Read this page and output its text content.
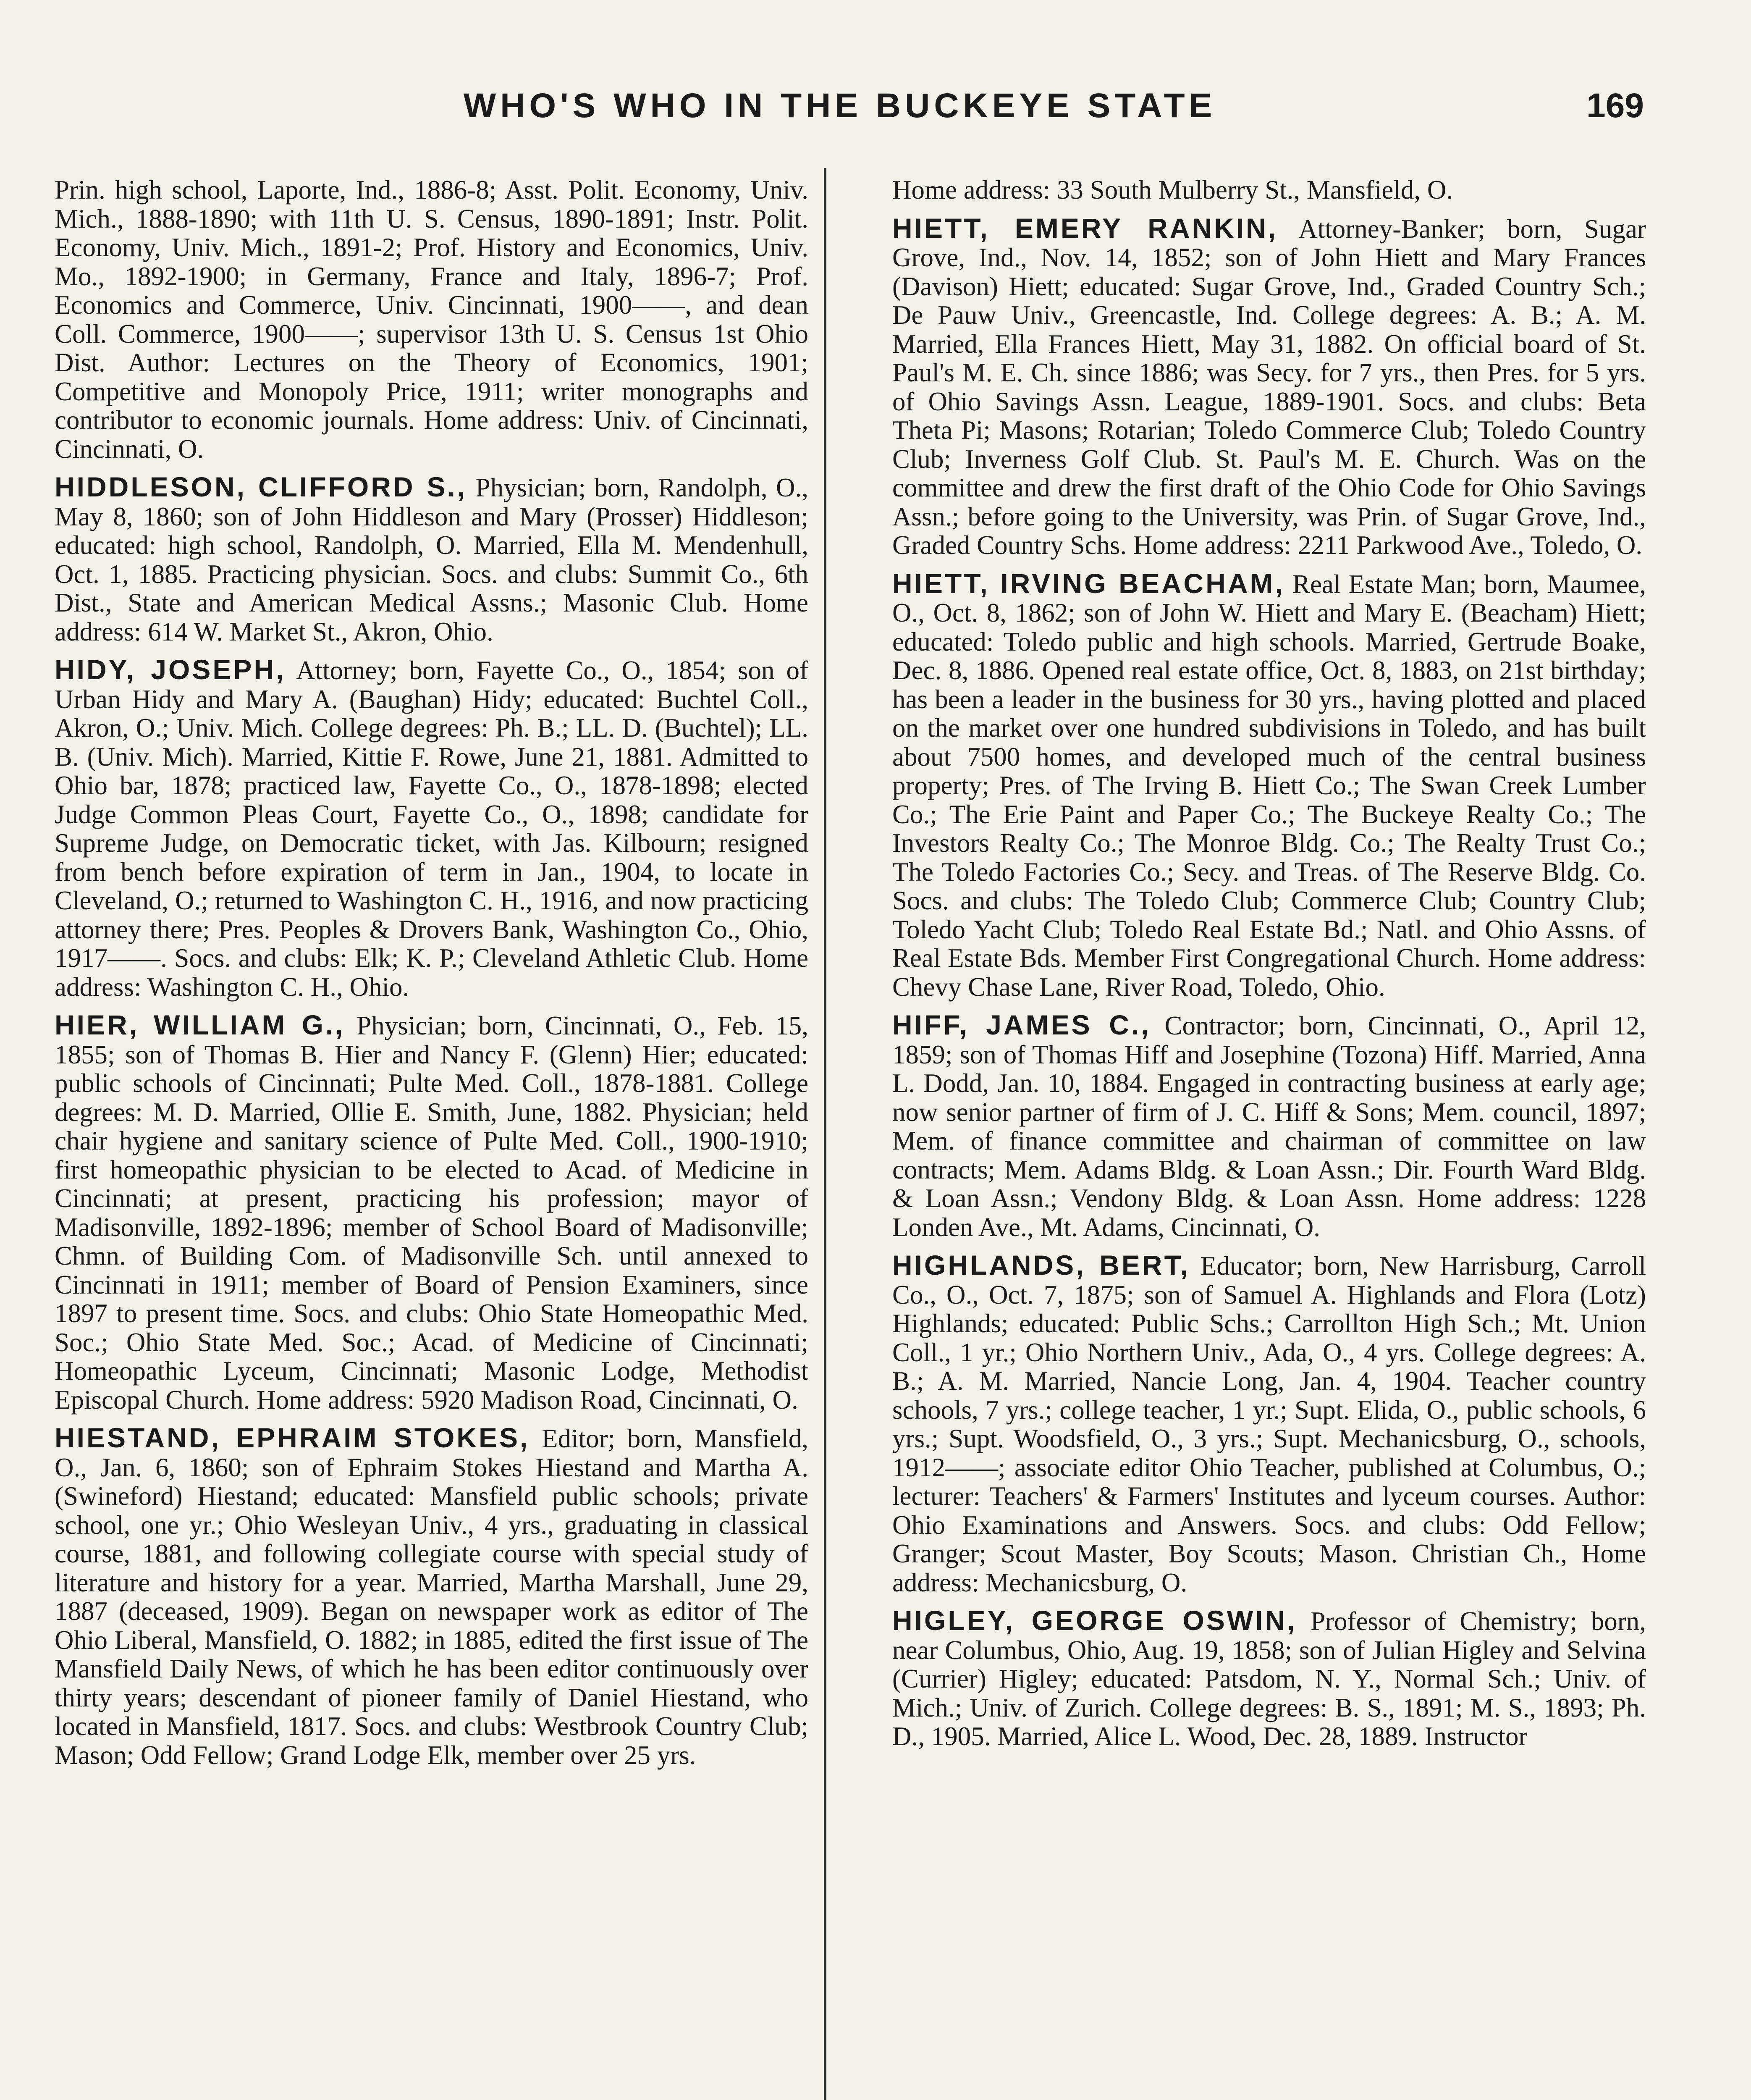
WHO'S WHO IN THE BUCKEYE STATE	169

Prin. high school, Laporte, Ind., 1886-8; Asst. Polit. Economy, Univ. Mich., 1888-1890; with 11th U. S. Census, 1890-1891; Instr. Polit. Economy, Univ. Mich., 1891-2; Prof. History and Economics, Univ. Mo., 1892-1900; in Germany, France and Italy, 1896-7; Prof. Economics and Commerce, Univ. Cincinnati, 1900——, and dean Coll. Commerce, 1900——; supervisor 13th U. S. Census 1st Ohio Dist. Author: Lectures on the Theory of Economics, 1901; Competitive and Monopoly Price, 1911; writer monographs and contributor to economic journals. Home address: Univ. of Cincinnati, Cincinnati, O.

HIDDLESON, CLIFFORD S., Physician; born, Randolph, O., May 8, 1860; son of John Hiddleson and Mary (Prosser) Hiddleson; educated: high school, Randolph, O. Married, Ella M. Mendenhull, Oct. 1, 1885. Practicing physician. Socs. and clubs: Summit Co., 6th Dist., State and American Medical Assns.; Masonic Club. Home address: 614 W. Market St., Akron, Ohio.

HIDY, JOSEPH, Attorney; born, Fayette Co., O., 1854; son of Urban Hidy and Mary A. (Baughan) Hidy; educated: Buchtel Coll., Akron, O.; Univ. Mich. College degrees: Ph. B.; LL. D. (Buchtel); LL. B. (Univ. Mich). Married, Kittie F. Rowe, June 21, 1881. Admitted to Ohio bar, 1878; practiced law, Fayette Co., O., 1878-1898; elected Judge Common Pleas Court, Fayette Co., O., 1898; candidate for Supreme Judge, on Democratic ticket, with Jas. Kilbourn; resigned from bench before expiration of term in Jan., 1904, to locate in Cleveland, O.; returned to Washington C. H., 1916, and now practicing attorney there; Pres. Peoples & Drovers Bank, Washington Co., Ohio, 1917——. Socs. and clubs: Elk; K. P.; Cleveland Athletic Club. Home address: Washington C. H., Ohio.

HIER, WILLIAM G., Physician; born, Cincinnati, O., Feb. 15, 1855; son of Thomas B. Hier and Nancy F. (Glenn) Hier; educated: public schools of Cincinnati; Pulte Med. Coll., 1878-1881. College degrees: M. D. Married, Ollie E. Smith, June, 1882. Physician; held chair hygiene and sanitary science of Pulte Med. Coll., 1900-1910; first homeopathic physician to be elected to Acad. of Medicine in Cincinnati; at present, practicing his profession; mayor of Madisonville, 1892-1896; member of School Board of Madisonville; Chmn. of Building Com. of Madisonville Sch. until annexed to Cincinnati in 1911; member of Board of Pension Examiners, since 1897 to present time. Socs. and clubs: Ohio State Homeopathic Med. Soc.; Ohio State Med. Soc.; Acad. of Medicine of Cincinnati; Homeopathic Lyceum, Cincinnati; Masonic Lodge, Methodist Episcopal Church. Home address: 5920 Madison Road, Cincinnati, O.

HIESTAND, EPHRAIM STOKES, Editor; born, Mansfield, O., Jan. 6, 1860; son of Ephraim Stokes Hiestand and Martha A. (Swineford) Hiestand; educated: Mansfield public schools; private school, one yr.; Ohio Wesleyan Univ., 4 yrs., graduating in classical course, 1881, and following collegiate course with special study of literature and history for a year. Married, Martha Marshall, June 29, 1887 (deceased, 1909). Began on newspaper work as editor of The Ohio Liberal, Mansfield, O. 1882; in 1885, edited the first issue of The Mansfield Daily News, of which he has been editor continuously over thirty years; descendant of pioneer family of Daniel Hiestand, who located in Mansfield, 1817. Socs. and clubs: Westbrook Country Club; Mason; Odd Fellow; Grand Lodge Elk, member over 25 yrs.

Home address: 33 South Mulberry St., Mansfield, O.

HIETT, EMERY RANKIN, Attorney-Banker; born, Sugar Grove, Ind., Nov. 14, 1852; son of John Hiett and Mary Frances (Davison) Hiett; educated: Sugar Grove, Ind., Graded Country Sch.; De Pauw Univ., Greencastle, Ind. College degrees: A. B.; A. M. Married, Ella Frances Hiett, May 31, 1882. On official board of St. Paul's M. E. Ch. since 1886; was Secy. for 7 yrs., then Pres. for 5 yrs. of Ohio Savings Assn. League, 1889-1901. Socs. and clubs: Beta Theta Pi; Masons; Rotarian; Toledo Commerce Club; Toledo Country Club; Inverness Golf Club. St. Paul's M. E. Church. Was on the committee and drew the first draft of the Ohio Code for Ohio Savings Assn.; before going to the University, was Prin. of Sugar Grove, Ind., Graded Country Schs. Home address: 2211 Parkwood Ave., Toledo, O.

HIETT, IRVING BEACHAM, Real Estate Man; born, Maumee, O., Oct. 8, 1862; son of John W. Hiett and Mary E. (Beacham) Hiett; educated: Toledo public and high schools. Married, Gertrude Boake, Dec. 8, 1886. Opened real estate office, Oct. 8, 1883, on 21st birthday; has been a leader in the business for 30 yrs., having plotted and placed on the market over one hundred subdivisions in Toledo, and has built about 7500 homes, and developed much of the central business property; Pres. of The Irving B. Hiett Co.; The Swan Creek Lumber Co.; The Erie Paint and Paper Co.; The Buckeye Realty Co.; The Investors Realty Co.; The Monroe Bldg. Co.; The Realty Trust Co.; The Toledo Factories Co.; Secy. and Treas. of The Reserve Bldg. Co. Socs. and clubs: The Toledo Club; Commerce Club; Country Club; Toledo Yacht Club; Toledo Real Estate Bd.; Natl. and Ohio Assns. of Real Estate Bds. Member First Congregational Church. Home address: Chevy Chase Lane, River Road, Toledo, Ohio.

HIFF, JAMES C., Contractor; born, Cincinnati, O., April 12, 1859; son of Thomas Hiff and Josephine (Tozona) Hiff. Married, Anna L. Dodd, Jan. 10, 1884. Engaged in contracting business at early age; now senior partner of firm of J. C. Hiff & Sons; Mem. council, 1897; Mem. of finance committee and chairman of committee on law contracts; Mem. Adams Bldg. & Loan Assn.; Dir. Fourth Ward Bldg. & Loan Assn.; Vendony Bldg. & Loan Assn. Home address: 1228 Londen Ave., Mt. Adams, Cincinnati, O.

HIGHLANDS, BERT, Educator; born, New Harrisburg, Carroll Co., O., Oct. 7, 1875; son of Samuel A. Highlands and Flora (Lotz) Highlands; educated: Public Schs.; Carrollton High Sch.; Mt. Union Coll., 1 yr.; Ohio Northern Univ., Ada, O., 4 yrs. College degrees: A. B.; A. M. Married, Nancie Long, Jan. 4, 1904. Teacher country schools, 7 yrs.; college teacher, 1 yr.; Supt. Elida, O., public schools, 6 yrs.; Supt. Woodsfield, O., 3 yrs.; Supt. Mechanicsburg, O., schools, 1912——; associate editor Ohio Teacher, published at Columbus, O.; lecturer: Teachers' & Farmers' Institutes and lyceum courses. Author: Ohio Examinations and Answers. Socs. and clubs: Odd Fellow; Granger; Scout Master, Boy Scouts; Mason. Christian Ch., Home address: Mechanicsburg, O.

HIGLEY, GEORGE OSWIN, Professor of Chemistry; born, near Columbus, Ohio, Aug. 19, 1858; son of Julian Higley and Selvina (Currier) Higley; educated: Patsdom, N. Y., Normal Sch.; Univ. of Mich.; Univ. of Zurich. College degrees: B. S., 1891; M. S., 1893; Ph. D., 1905. Married, Alice L. Wood, Dec. 28, 1889. Instructor
